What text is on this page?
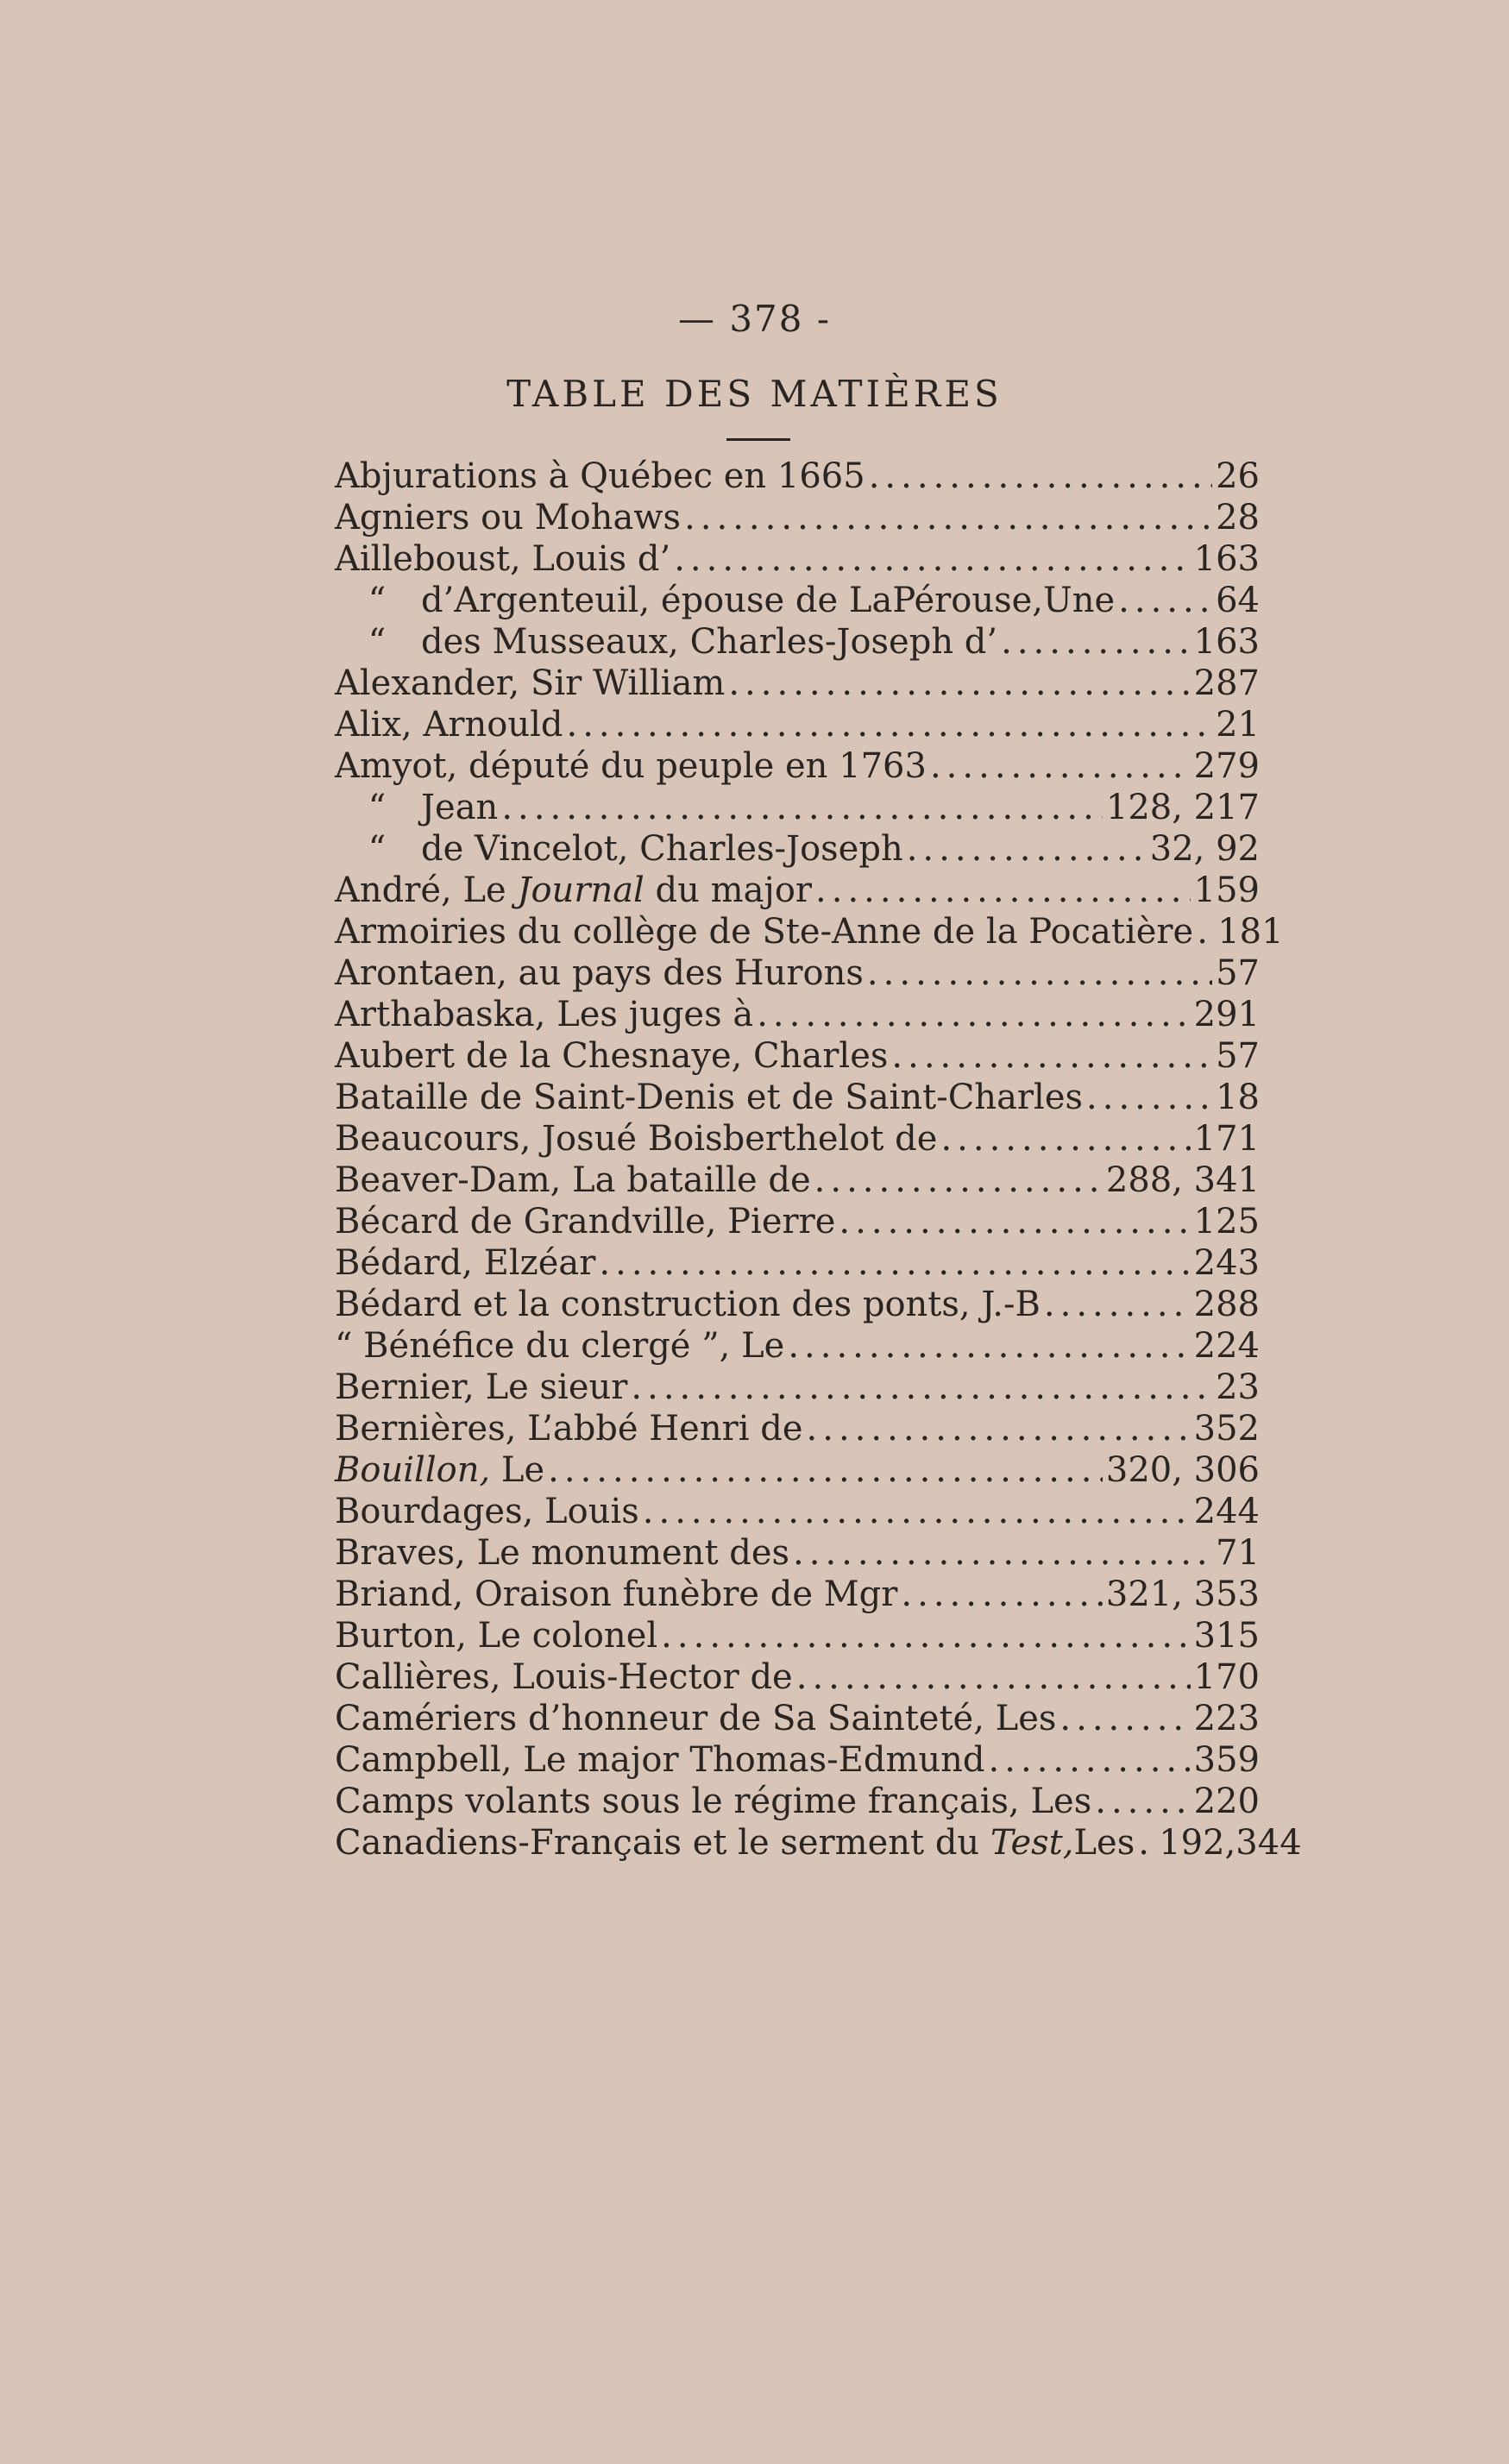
— 378 -
TABLE DES MATIÈRES
Abjurations à Québec en 1665 .....	26
Agniers ou Mohaws .....	28
Ailleboust, Louis d’ .....	163
“	d’Argenteuil, épouse de LaPérouse,Une .....	64
“	des Musseaux, Charles-Joseph d’ .....	163
Alexander, Sir William .....	287
Alix, Arnould .....	21
Amyot, député du peuple en 1763 .....	279
“	Jean .....	128, 217
“	de Vincelot, Charles-Joseph .....	32, 92
André, Le Journal du major .....	159
Armoiries du collège de Ste-Anne de la Pocatière ..... 181
Arontaen, au pays des Hurons .....	57
Arthabaska, Les juges à .....	291
Aubert de la Chesnaye, Charles .....	57
Bataille de Saint-Denis et de Saint-Charles .....	18
Beaucours, Josué Boisberthelot de .....	171
Beaver-Dam, La bataille de .....	288, 341
Bécard de Grandville, Pierre .....	125
Bédard, Elzéar .....	243
Bédard et la construction des ponts, J.-B .....	288
“ Bénéfice du clergé ”, Le .....	224
Bernier, Le sieur .....	23
Bernières, L’abbé Henri de .....	352
Bouillon, Le .....	320, 306
Bourdages, Louis .....	244
Braves, Le monument des .....	71
Briand, Oraison funèbre de Mgr .....	321, 353
Burton, Le colonel .....	315
Callières, Louis-Hector de .....	170
Camériers d’honneur de Sa Sainteté, Les .....	223
Campbell, Le major Thomas-Edmund .....	359
Camps volants sous le régime français, Les .....	220
Canadiens-Français et le serment du Test,Les ..... 192,344
